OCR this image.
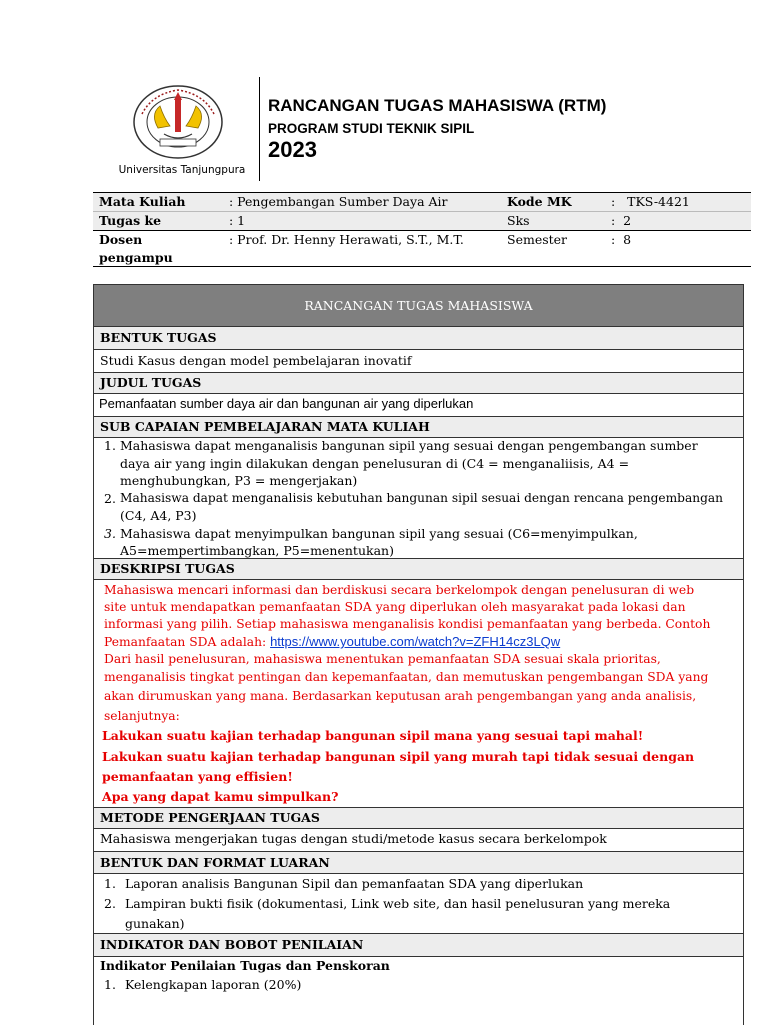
Universitas Tanjungpura
RANCANGAN TUGAS MAHASISWA (RTM)
PROGRAM STUDI TEKNIK SIPIL
2023
Mata Kuliah	: Pengembangan Sumber Daya Air	Kode MK	:   TKS-4421
Tugas ke	: 1	Sks	:  2
Dosen
pengampu
: Prof. Dr. Henny Herawati, S.T., M.T.	Semester	:  8
RANCANGAN TUGAS MAHASISWA
BENTUK TUGAS
Studi Kasus dengan model pembelajaran inovatif
JUDUL TUGAS
Pemanfaatan sumber daya air dan bangunan air yang diperlukan
SUB CAPAIAN PEMBELAJARAN MATA KULIAH
1. Mahasiswa dapat menganalisis bangunan sipil yang sesuai dengan pengembangan sumber
daya air yang ingin dilakukan dengan penelusuran di (C4 = menganaliisis, A4 =
menghubungkan, P3 = mengerjakan)
2. Mahasiswa dapat menganalisis kebutuhan bangunan sipil sesuai dengan rencana pengembangan
(C4, A4, P3)
3. Mahasiswa dapat menyimpulkan bangunan sipil yang sesuai (C6=menyimpulkan,
A5=mempertimbangkan, P5=menentukan)
DESKRIPSI TUGAS
Mahasiswa mencari informasi dan berdiskusi secara berkelompok dengan penelusuran di web
site untuk mendapatkan pemanfaatan SDA yang diperlukan oleh masyarakat pada lokasi dan
informasi yang pilih. Setiap mahasiswa menganalisis kondisi pemanfaatan yang berbeda. Contoh
Pemanfaatan SDA adalah: https://www.youtube.com/watch?v=ZFH14cz3LQw
Dari hasil penelusuran, mahasiswa menentukan pemanfaatan SDA sesuai skala prioritas,
menganalisis tingkat pentingan dan kepemanfaatan, dan memutuskan pengembangan SDA yang
akan dirumuskan yang mana. Berdasarkan keputusan arah pengembangan yang anda analisis,
selanjutnya:
Lakukan suatu kajian terhadap bangunan sipil mana yang sesuai tapi mahal!
Lakukan suatu kajian terhadap bangunan sipil yang murah tapi tidak sesuai dengan
pemanfaatan yang effisien!
Apa yang dapat kamu simpulkan?
METODE PENGERJAAN TUGAS
Mahasiswa mengerjakan tugas dengan studi/metode kasus secara berkelompok
BENTUK DAN FORMAT LUARAN
1. Laporan analisis Bangunan Sipil dan pemanfaatan SDA yang diperlukan
2. Lampiran bukti fisik (dokumentasi, Link web site, dan hasil penelusuran yang mereka
gunakan)
INDIKATOR DAN BOBOT PENILAIAN
Indikator Penilaian Tugas dan Penskoran
1. Kelengkapan laporan (20%)
